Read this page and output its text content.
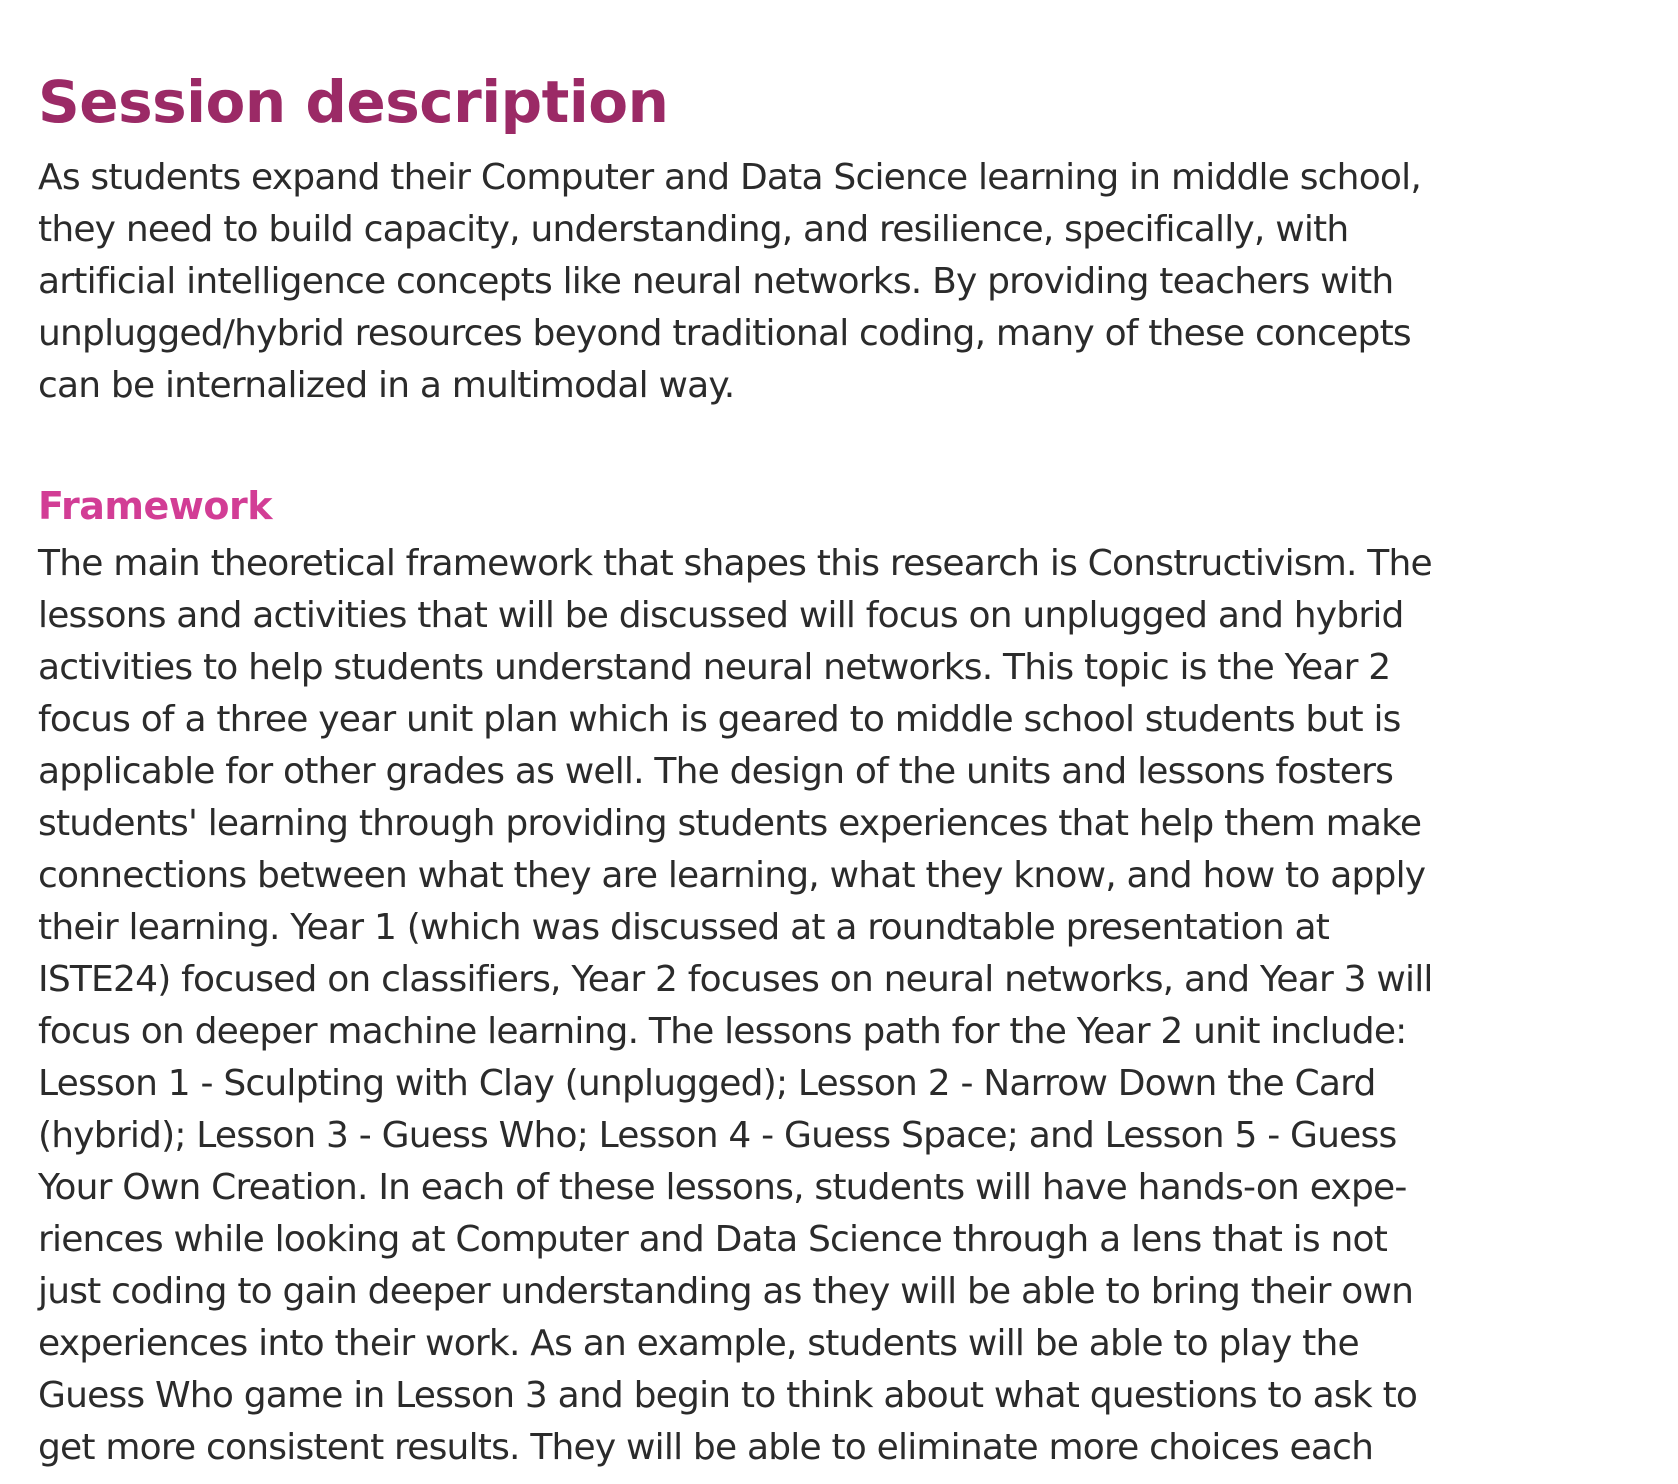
Session description

As students expand their Computer and Data Science learning in middle school,
they need to build capacity, understanding, and resilience, specifically, with
artificial intelligence concepts like neural networks. By providing teachers with
unplugged/hybrid resources beyond traditional coding, many of these concepts
can be internalized in a multimodal way.

Framework

The main theoretical framework that shapes this research is Constructivism. The
lessons and activities that will be discussed will focus on unplugged and hybrid
activities to help students understand neural networks. This topic is the Year 2
focus of a three year unit plan which is geared to middle school students but is
applicable for other grades as well. The design of the units and lessons fosters
students' learning through providing students experiences that help them make
connections between what they are learning, what they know, and how to apply
their learning. Year 1 (which was discussed at a roundtable presentation at
ISTE24) focused on classifiers, Year 2 focuses on neural networks, and Year 3 will
focus on deeper machine learning. The lessons path for the Year 2 unit include:
Lesson 1 - Sculpting with Clay (unplugged); Lesson 2 - Narrow Down the Card
(hybrid); Lesson 3 - Guess Who; Lesson 4 - Guess Space; and Lesson 5 - Guess
Your Own Creation. In each of these lessons, students will have hands-on expe-
riences while looking at Computer and Data Science through a lens that is not
just coding to gain deeper understanding as they will be able to bring their own
experiences into their work. As an example, students will be able to play the
Guess Who game in Lesson 3 and begin to think about what questions to ask to
get more consistent results. They will be able to eliminate more choices each
